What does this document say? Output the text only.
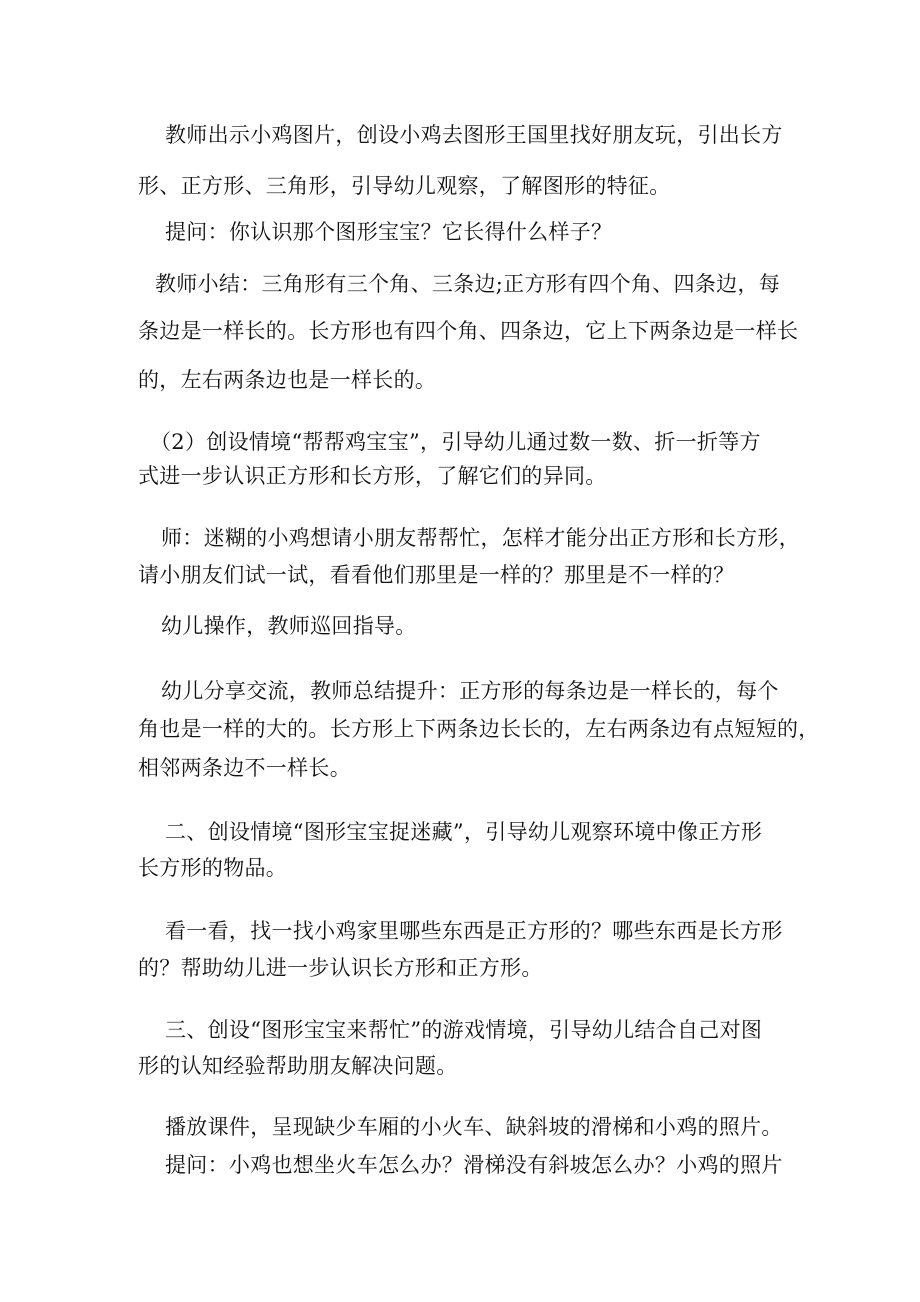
教师出示小鸡图片，创设小鸡去图形王国里找好朋友玩，引出长方
形、正方形、三角形，引导幼儿观察，了解图形的特征。
提问：你认识那个图形宝宝？它长得什么样子？
教师小结：三角形有三个角、三条边;正方形有四个角、四条边，每
条边是一样长的。长方形也有四个角、四条边，它上下两条边是一样长
的，左右两条边也是一样长的。
（2）创设情境“帮帮鸡宝宝”，引导幼儿通过数一数、折一折等方
式进一步认识正方形和长方形，了解它们的异同。
师：迷糊的小鸡想请小朋友帮帮忙，怎样才能分出正方形和长方形，
请小朋友们试一试，看看他们那里是一样的？那里是不一样的？
幼儿操作，教师巡回指导。
幼儿分享交流，教师总结提升：正方形的每条边是一样长的，每个
角也是一样的大的。长方形上下两条边长长的，左右两条边有点短短的，
相邻两条边不一样长。
二、创设情境“图形宝宝捉迷藏”，引导幼儿观察环境中像正方形
长方形的物品。
看一看，找一找小鸡家里哪些东西是正方形的？哪些东西是长方形
的？帮助幼儿进一步认识长方形和正方形。
三、创设“图形宝宝来帮忙”的游戏情境，引导幼儿结合自己对图
形的认知经验帮助朋友解决问题。
播放课件，呈现缺少车厢的小火车、缺斜坡的滑梯和小鸡的照片。
提问：小鸡也想坐火车怎么办？滑梯没有斜坡怎么办？小鸡的照片
